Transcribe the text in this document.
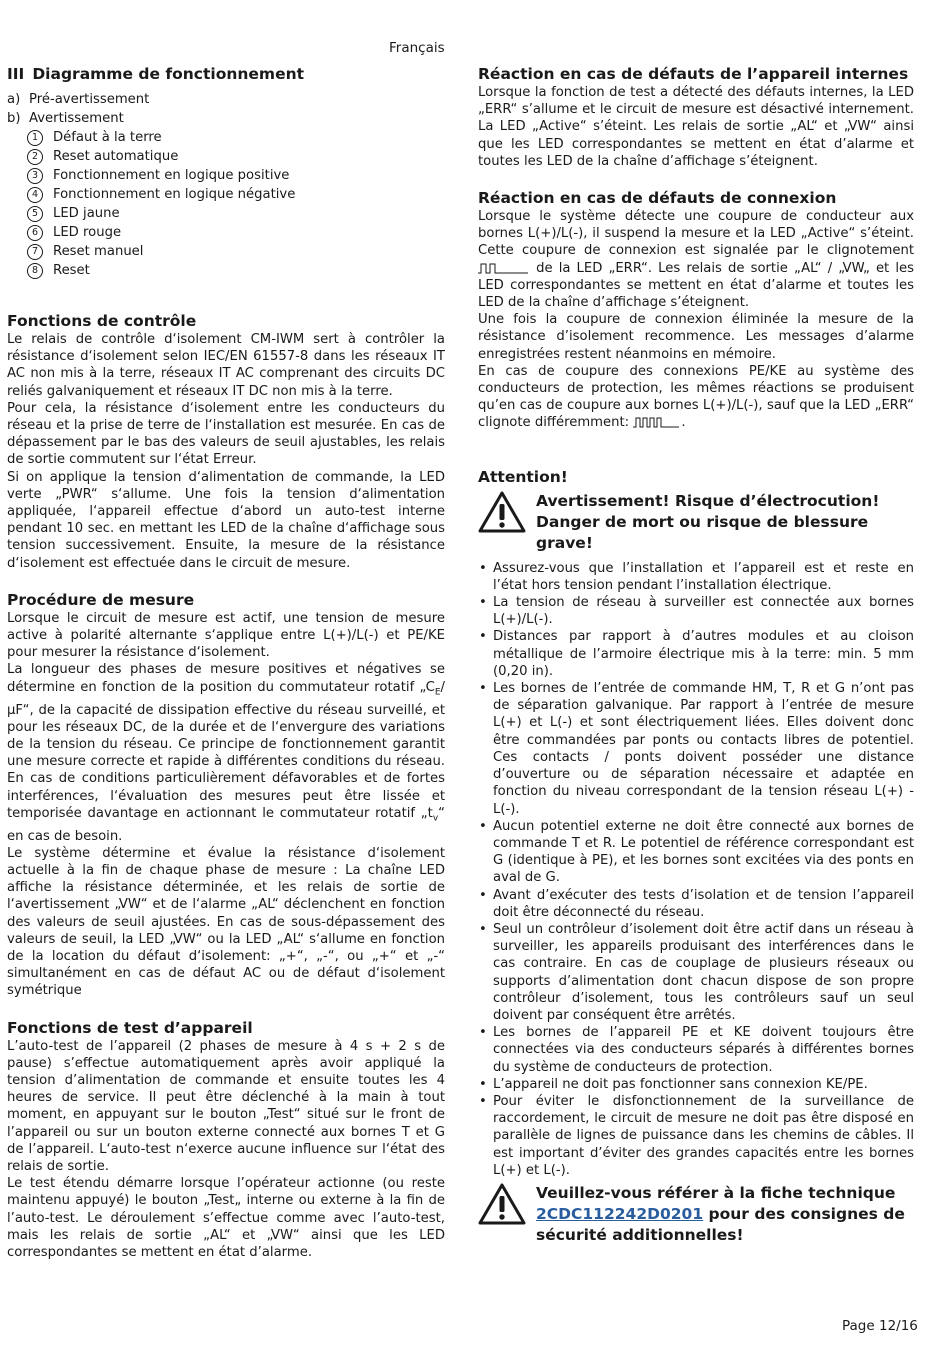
Français
III Diagramme de fonctionnement
a) Pré-avertissement
b) Avertissement
1	Défaut à la terre
2	Reset automatique
3	Fonctionnement en logique positive
4	Fonctionnement en logique négative
5	LED jaune
6	LED rouge
7	Reset manuel
8	Reset
Fonctions de contrôle

Le relais de contrôle d‘isolement CM-IWM sert à contrôler la résistance d‘isolement selon IEC/EN 61557-8 dans les réseaux IT AC non mis à la terre, réseaux IT AC comprenant des circuits DC reliés galvaniquement et réseaux IT DC non mis à la terre.

Pour cela, la résistance d‘isolement entre les conducteurs du réseau et la prise de terre de l‘installation est mesurée. En cas de dépassement par le bas des valeurs de seuil ajustables, les relais de sortie commutent sur l‘état Erreur.

Si on applique la tension d‘alimentation de commande, la LED verte „PWR“ s‘allume. Une fois la tension d‘alimentation appliquée, l‘appareil effectue d‘abord un auto-test interne pendant 10 sec. en mettant les LED de la chaîne d‘affichage sous tension successivement. Ensuite, la mesure de la résistance d‘isolement est effectuée dans le circuit de mesure.

Procédure de mesure

Lorsque le circuit de mesure est actif, une tension de mesure active à polarité alternante s‘applique entre L(+)/L(-) et PE/KE pour mesurer la résistance d‘isolement.

La longueur des phases de mesure positives et négatives se détermine en fonction de la position du commutateur rotatif $„C_E/\mu F“$, de la capacité de dissipation effective du réseau surveillé, et pour les réseaux DC, de la durée et de l‘envergure des variations de la tension du réseau. Ce principe de fonctionnement garantit une mesure correcte et rapide à différentes conditions du réseau. En cas de conditions particulièrement défavorables et de fortes interférences, l‘évaluation des mesures peut être lissée et temporisée davantage en actionnant le commutateur rotatif $„t_v“$ en cas de besoin.

Le système détermine et évalue la résistance d‘isolement actuelle à la fin de chaque phase de mesure : La chaîne LED affiche la résistance déterminée, et les relais de sortie de l‘avertissement „VW“ et de l‘alarme „AL“ déclenchent en fonction des valeurs de seuil ajustées. En cas de sous-dépassement des valeurs de seuil, la LED „VW“ ou la LED „AL“ s‘allume en fonction de la location du défaut d‘isolement: „+“, „-“, ou „+“ et „-“ simultanément en cas de défaut AC ou de défaut d‘isolement symétrique

Fonctions de test d’appareil

L’auto-test de l’appareil (2 phases de mesure à 4 s + 2 s de pause) s’effectue automatiquement après avoir appliqué la tension d’alimentation de commande et ensuite toutes les 4 heures de service. Il peut être déclenché à la main à tout moment, en appuyant sur le bouton „Test“ situé sur le front de l’appareil ou sur un bouton externe connecté aux bornes T et G de l’appareil. L‘auto-test n‘exerce aucune influence sur l‘état des relais de sortie.

Le test étendu démarre lorsque l’opérateur actionne (ou reste maintenu appuyé) le bouton „Test„ interne ou externe à la fin de l’auto-test. Le déroulement s’effectue comme avec l’auto-test, mais les relais de sortie „AL“ et „VW“ ainsi que les LED correspondantes se mettent en état d’alarme.

Réaction en cas de défauts de l’appareil internes

Lorsque la fonction de test a détecté des défauts internes, la LED „ERR“ s’allume et le circuit de mesure est désactivé internement. La LED „Active“ s’éteint. Les relais de sortie „AL“ et „VW“ ainsi que les LED correspondantes se mettent en état d’alarme et toutes les LED de la chaîne d’affichage s’éteignent.

Réaction en cas de défauts de connexion

Lorsque le système détecte une coupure de conducteur aux bornes L(+)/L(-), il suspend la mesure et la LED „Active“ s’éteint. Cette coupure de connexion est signalée par le clignotement  de la LED „ERR“. Les relais de sortie „AL“ / „VW„ et les LED correspondantes se mettent en état d’alarme et toutes les LED de la chaîne d’affichage s’éteignent.

Une fois la coupure de connexion éliminée la mesure de la résistance d’isolement recommence. Les messages d’alarme enregistrées restent néanmoins en mémoire.

En cas de coupure des connexions PE/KE au système des conducteurs de protection, les mêmes réactions se produisent qu’en cas de coupure aux bornes L(+)/L(-), sauf que la LED „ERR“ clignote différemment:	.

Attention!
Avertissement! Risque d’électrocution!
Danger de mort ou risque de blessure grave!
• Assurez-vous que l’installation et l’appareil est et reste en l’état hors tension pendant l’installation électrique.
• La tension de réseau à surveiller est connectée aux bornes L(+)/L(-).
• Distances par rapport à d’autres modules et au cloison métallique de l’armoire électrique mis à la terre: min. 5 mm (0,20 in).
• Les bornes de l’entrée de commande HM, T, R et G n’ont pas de séparation galvanique. Par rapport à l’entrée de mesure L(+) et L(-) et sont électriquement liées. Elles doivent donc être commandées par ponts ou contacts libres de potentiel. Ces contacts / ponts doivent posséder une distance d’ouverture ou de séparation nécessaire et adaptée en fonction du niveau correspondant de la tension réseau L(+) - L(-).
• Aucun potentiel externe ne doit être connecté aux bornes de commande T et R. Le potentiel de référence correspondant est G (identique à PE), et les bornes sont excitées via des ponts en aval de G.
• Avant d’exécuter des tests d’isolation et de tension l’appareil doit être déconnecté du réseau.
• Seul un contrôleur d’isolement doit être actif dans un réseau à surveiller, les appareils produisant des interférences dans le cas contraire. En cas de couplage de plusieurs réseaux ou supports d’alimentation dont chacun dispose de son propre contrôleur d’isolement, tous les contrôleurs sauf un seul doivent par conséquent être arrêtés.
• Les bornes de l’appareil PE et KE doivent toujours être connectées via des conducteurs séparés à différentes bornes du système de conducteurs de protection.
• L’appareil ne doit pas fonctionner sans connexion KE/PE.
• Pour éviter le disfonctionnement de la surveillance de raccordement, le circuit de mesure ne doit pas être disposé en parallèle de lignes de puissance dans les chemins de câbles. Il est important d’éviter des grandes capacités entre les bornes L(+) et L(-).
Veuillez-vous référer à la fiche technique 2CDC112242D0201 pour des consignes de sécurité additionnelles!
Page 12/16
